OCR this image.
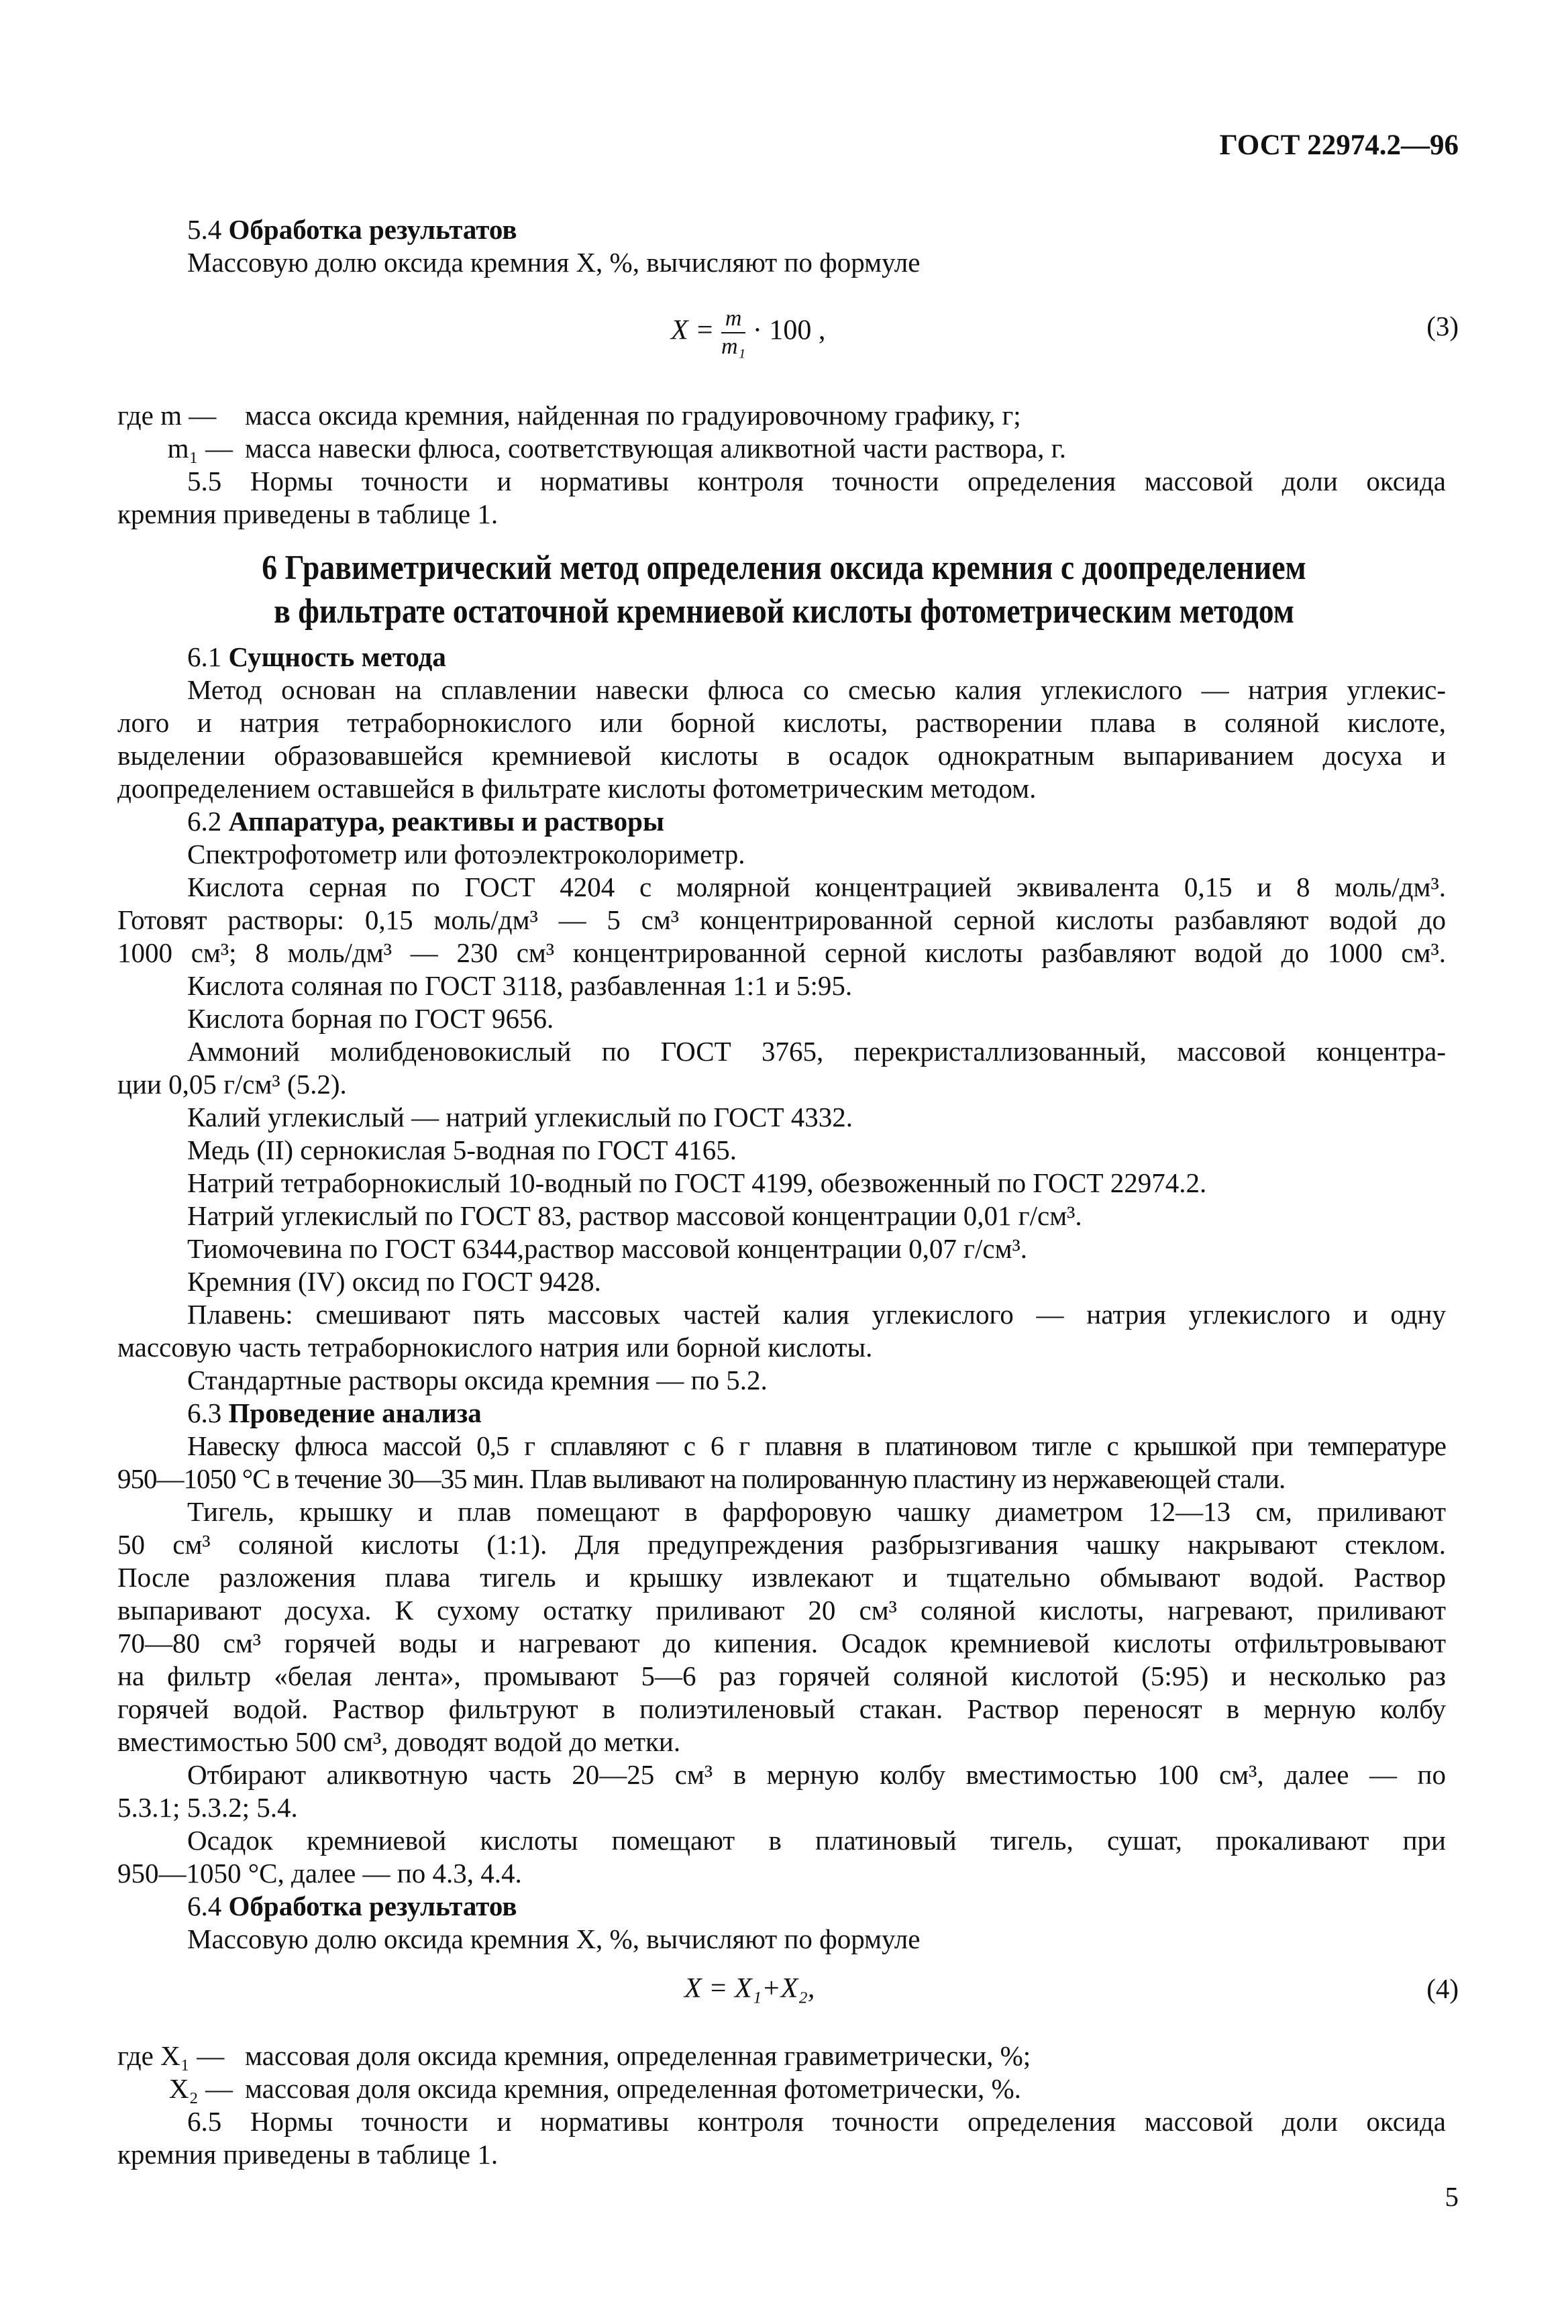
ГОСТ 22974.2—96
5.4 Обработка результатов
Массовую долю оксида кремния X, %, вычисляют по формуле
$X = \frac{m}{\text{m₁}} \cdot 100$ ,	(3)
где m — масса оксида кремния, найденная по градуировочному графику, г;
m₁ — масса навески флюса, соответствующая аликвотной части раствора, г.
5.5 Нормы точности и нормативы контроля точности определения массовой доли оксида
кремния приведены в таблице 1.
6 Гравиметрический метод определения оксида кремния с доопределением
в фильтрате остаточной кремниевой кислоты фотометрическим методом
6.1 Сущность метода
Метод основан на сплавлении навески флюса со смесью калия углекислого — натрия углекис-
лого и натрия тетраборнокислого или борной кислоты, растворении плава в соляной кислоте,
выделении образовавшейся кремниевой кислоты в осадок однократным выпариванием досуха и
доопределением оставшейся в фильтрате кислоты фотометрическим методом.
6.2 Аппаратура, реактивы и растворы
Спектрофотометр или фотоэлектроколориметр.
Кислота серная по ГОСТ 4204 с молярной концентрацией эквивалента 0,15 и 8 моль/дм³.
Готовят растворы: 0,15 моль/дм³ — 5 см³ концентрированной серной кислоты разбавляют водой до
1000 см³; 8 моль/дм³ — 230 см³ концентрированной серной кислоты разбавляют водой до 1000 см³.
Кислота соляная по ГОСТ 3118, разбавленная 1:1 и 5:95.
Кислота борная по ГОСТ 9656.
Аммоний молибденовокислый по ГОСТ 3765, перекристаллизованный, массовой концентра-
ции 0,05 г/см³ (5.2).
Калий углекислый — натрий углекислый по ГОСТ 4332.
Медь (II) сернокислая 5-водная по ГОСТ 4165.
Натрий тетраборнокислый 10-водный по ГОСТ 4199, обезвоженный по ГОСТ 22974.2.
Натрий углекислый по ГОСТ 83, раствор массовой концентрации 0,01 г/см³.
Тиомочевина по ГОСТ 6344,раствор массовой концентрации 0,07 г/см³.
Кремния (IV) оксид по ГОСТ 9428.
Плавень: смешивают пять массовых частей калия углекислого — натрия углекислого и одну
массовую часть тетраборнокислого натрия или борной кислоты.
Стандартные растворы оксида кремния — по 5.2.
6.3 Проведение анализа
Навеску флюса массой 0,5 г сплавляют с 6 г плавня в платиновом тигле с крышкой при температуре
950—1050 °С в течение 30—35 мин. Плав выливают на полированную пластину из нержавеющей стали.
Тигель, крышку и плав помещают в фарфоровую чашку диаметром 12—13 см, приливают
50 см³ соляной кислоты (1:1). Для предупреждения разбрызгивания чашку накрывают стеклом.
После разложения плава тигель и крышку извлекают и тщательно обмывают водой. Раствор
выпаривают досуха. К сухому остатку приливают 20 см³ соляной кислоты, нагревают, приливают
70—80 см³ горячей воды и нагревают до кипения. Осадок кремниевой кислоты отфильтровывают
на фильтр «белая лента», промывают 5—6 раз горячей соляной кислотой (5:95) и несколько раз
горячей водой. Раствор фильтруют в полиэтиленовый стакан. Раствор переносят в мерную колбу
вместимостью 500 см³, доводят водой до метки.
Отбирают аликвотную часть 20—25 см³ в мерную колбу вместимостью 100 см³, далее — по
5.3.1; 5.3.2; 5.4.
Осадок кремниевой кислоты помещают в платиновый тигель, сушат, прокаливают при
950—1050 °С, далее — по 4.3, 4.4.
6.4 Обработка результатов
Массовую долю оксида кремния X, %, вычисляют по формуле
X = X₁+X₂,	(4)
где X₁ — массовая доля оксида кремния, определенная гравиметрически, %;
X₂ — массовая доля оксида кремния, определенная фотометрически, %.
6.5 Нормы точности и нормативы контроля точности определения массовой доли оксида
кремния приведены в таблице 1.
5
